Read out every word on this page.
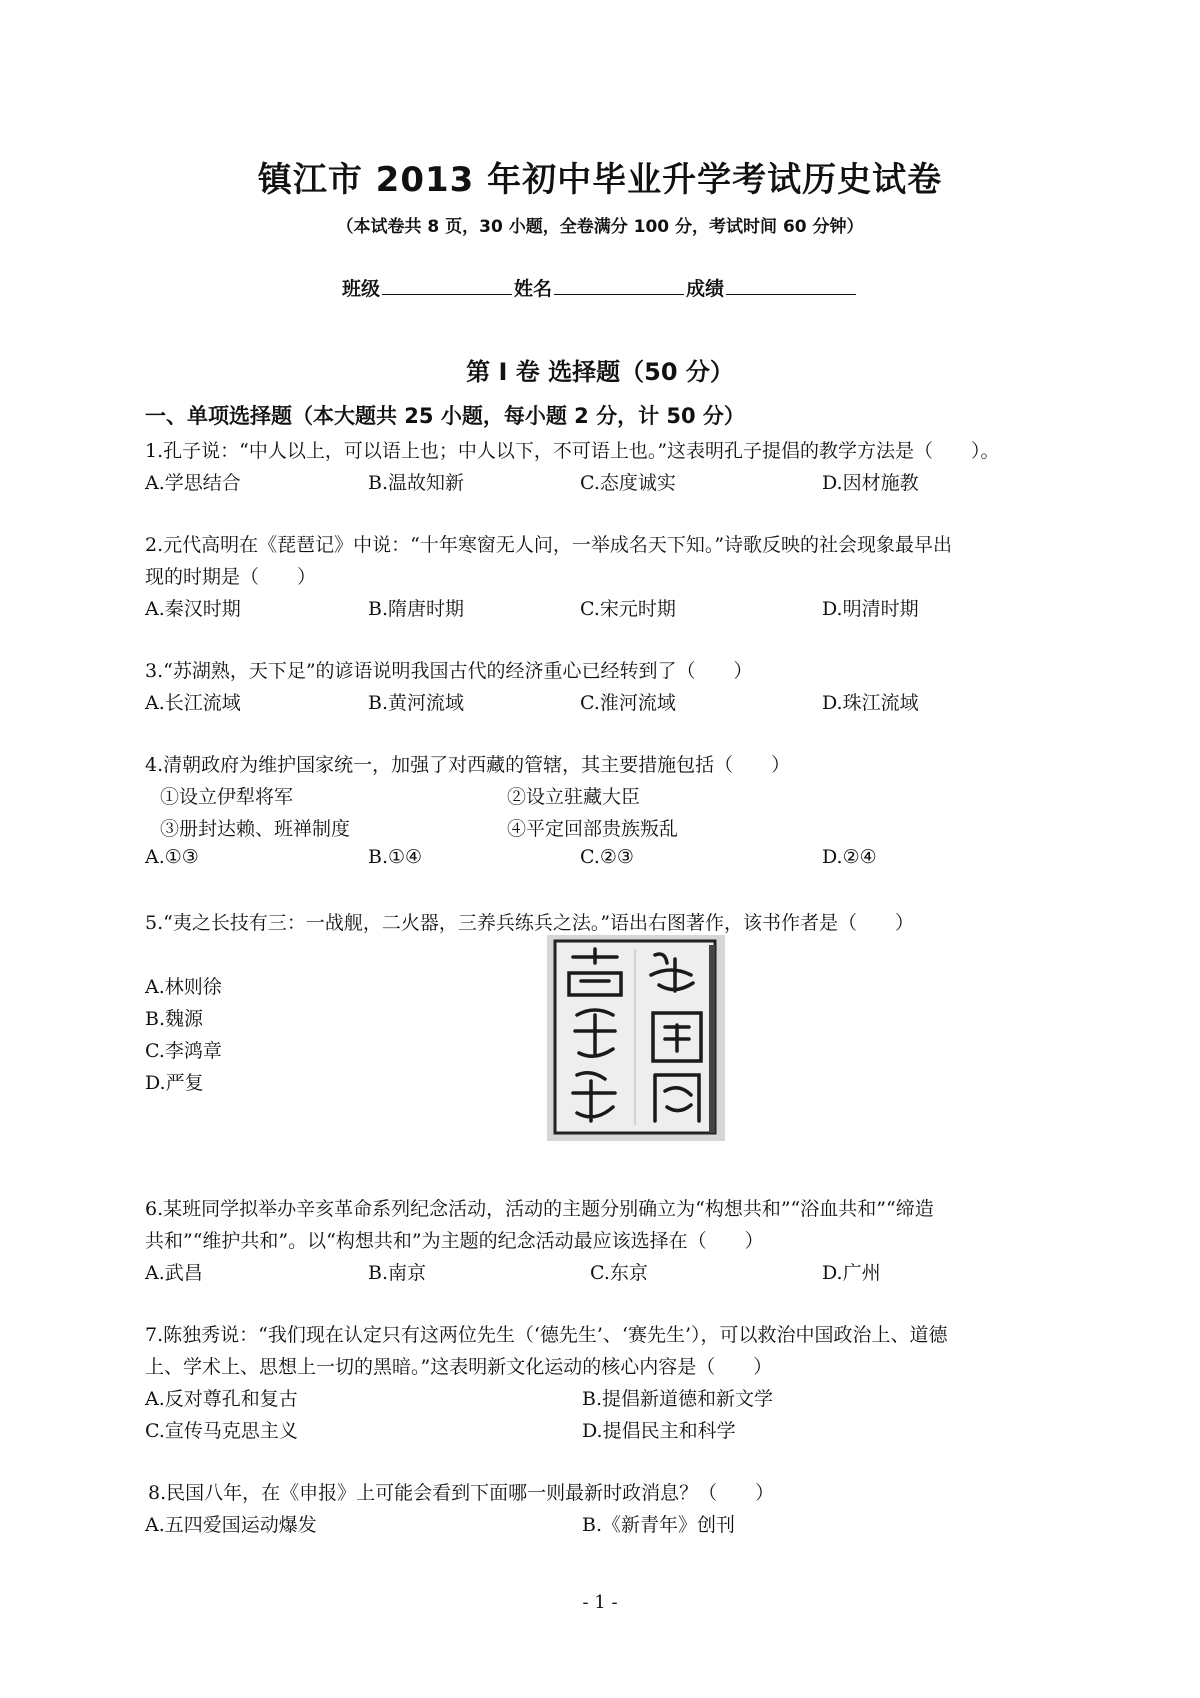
镇江市 2013 年初中毕业升学考试历史试卷
（本试卷共 8 页，30 小题，全卷满分 100 分，考试时间 60 分钟）
班级	姓名	成绩
第 I 卷 选择题（50 分）
一、单项选择题（本大题共 25 小题，每小题 2 分，计 50 分）
1.孔子说：“中人以上，可以语上也；中人以下，不可语上也。”这表明孔子提倡的教学方法是（　　）。
A.学思结合	B.温故知新	C.态度诚实	D.因材施教
2.元代高明在《琵琶记》中说：“十年寒窗无人问，一举成名天下知。”诗歌反映的社会现象最早出
现的时期是（　　）
A.秦汉时期	B.隋唐时期	C.宋元时期	D.明清时期
3.“苏湖熟，天下足”的谚语说明我国古代的经济重心已经转到了（　　）
A.长江流域	B.黄河流域	C.淮河流域	D.珠江流域
4.清朝政府为维护国家统一，加强了对西藏的管辖，其主要措施包括（　　）
①设立伊犁将军	②设立驻藏大臣
③册封达赖、班禅制度	④平定回部贵族叛乱
A.①③	B.①④	C.②③	D.②④
5.“夷之长技有三：一战舰，二火器，三养兵练兵之法。”语出右图著作，该书作者是（　　）
A.林则徐
B.魏源
C.李鸿章
D.严复
6.某班同学拟举办辛亥革命系列纪念活动，活动的主题分别确立为“构想共和”“浴血共和”“缔造
共和”“维护共和”。以“构想共和”为主题的纪念活动最应该选择在（　　）
A.武昌	B.南京	C.东京	D.广州
7.陈独秀说：“我们现在认定只有这两位先生（‘德先生’、‘赛先生’），可以救治中国政治上、道德
上、学术上、思想上一切的黑暗。”这表明新文化运动的核心内容是（　　）
A.反对尊孔和复古	B.提倡新道德和新文学
C.宣传马克思主义	D.提倡民主和科学
8.民国八年，在《申报》上可能会看到下面哪一则最新时政消息？（　　）
A.五四爱国运动爆发	B.《新青年》创刊
- 1 -
